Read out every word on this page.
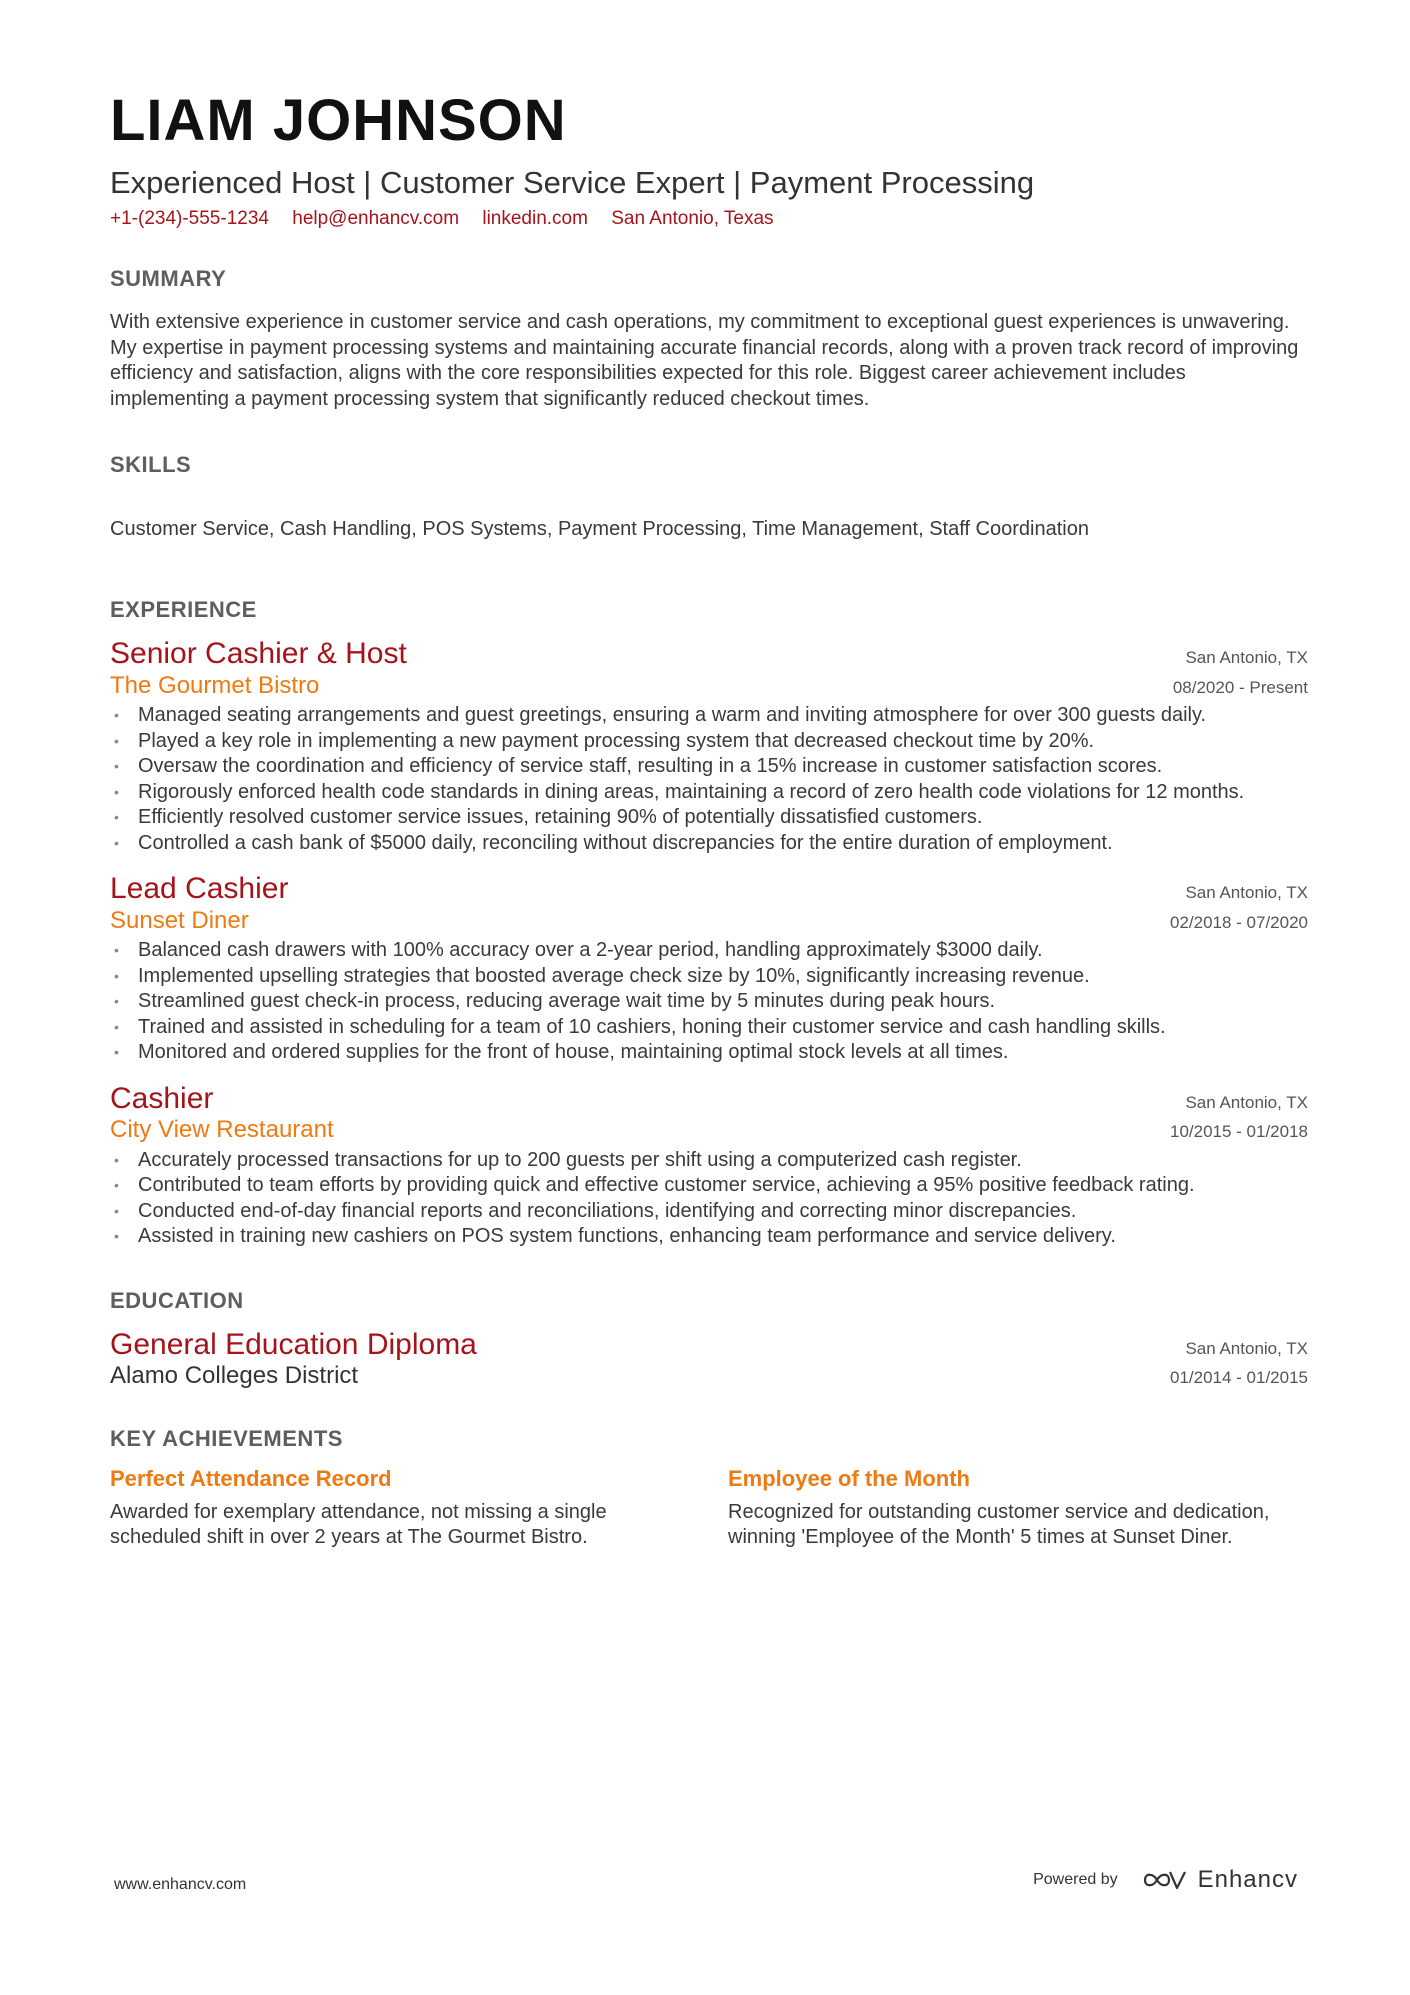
LIAM JOHNSON
Experienced Host | Customer Service Expert | Payment Processing
+1-(234)-555-1234 help@enhancv.com linkedin.com San Antonio, Texas
SUMMARY
With extensive experience in customer service and cash operations, my commitment to exceptional guest experiences is unwavering. My expertise in payment processing systems and maintaining accurate financial records, along with a proven track record of improving efficiency and satisfaction, aligns with the core responsibilities expected for this role. Biggest career achievement includes implementing a payment processing system that significantly reduced checkout times.
SKILLS
Customer Service, Cash Handling, POS Systems, Payment Processing, Time Management, Staff Coordination
EXPERIENCE
Senior Cashier & Host	San Antonio, TX
The Gourmet Bistro	08/2020 - Present
• Managed seating arrangements and guest greetings, ensuring a warm and inviting atmosphere for over 300 guests daily.
• Played a key role in implementing a new payment processing system that decreased checkout time by 20%.
• Oversaw the coordination and efficiency of service staff, resulting in a 15% increase in customer satisfaction scores.
• Rigorously enforced health code standards in dining areas, maintaining a record of zero health code violations for 12 months.
• Efficiently resolved customer service issues, retaining 90% of potentially dissatisfied customers.
• Controlled a cash bank of $5000 daily, reconciling without discrepancies for the entire duration of employment.
Lead Cashier	San Antonio, TX
Sunset Diner	02/2018 - 07/2020
• Balanced cash drawers with 100% accuracy over a 2-year period, handling approximately $3000 daily.
• Implemented upselling strategies that boosted average check size by 10%, significantly increasing revenue.
• Streamlined guest check-in process, reducing average wait time by 5 minutes during peak hours.
• Trained and assisted in scheduling for a team of 10 cashiers, honing their customer service and cash handling skills.
• Monitored and ordered supplies for the front of house, maintaining optimal stock levels at all times.
Cashier	San Antonio, TX
City View Restaurant	10/2015 - 01/2018
• Accurately processed transactions for up to 200 guests per shift using a computerized cash register.
• Contributed to team efforts by providing quick and effective customer service, achieving a 95% positive feedback rating.
• Conducted end-of-day financial reports and reconciliations, identifying and correcting minor discrepancies.
• Assisted in training new cashiers on POS system functions, enhancing team performance and service delivery.
EDUCATION
General Education Diploma	San Antonio, TX
Alamo Colleges District	01/2014 - 01/2015
KEY ACHIEVEMENTS
Perfect Attendance Record
Awarded for exemplary attendance, not missing a single scheduled shift in over 2 years at The Gourmet Bistro.
Employee of the Month
Recognized for outstanding customer service and dedication, winning 'Employee of the Month' 5 times at Sunset Diner.
www.enhancv.com	Powered by	Enhancv
